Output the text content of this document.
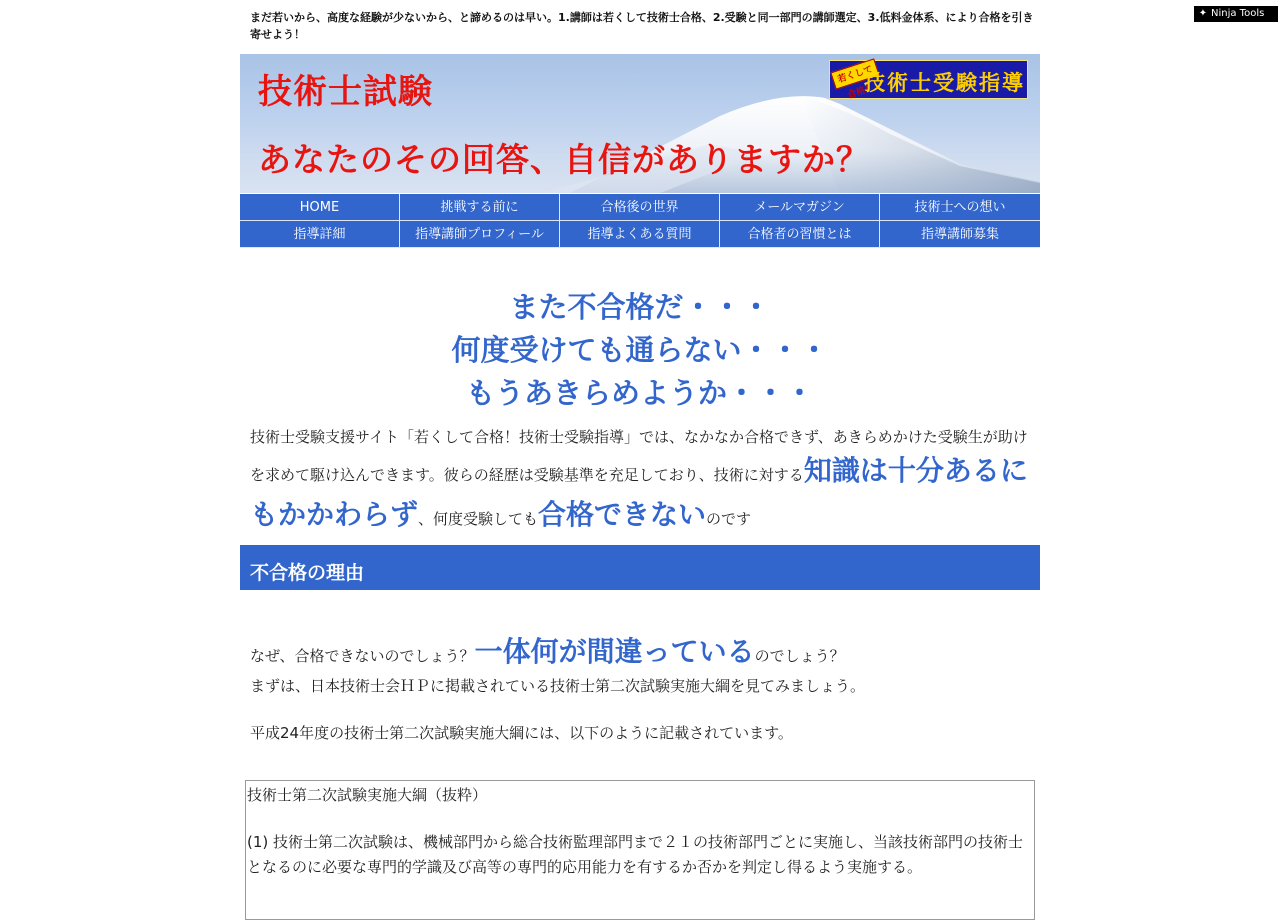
✦ Ninja Tools
まだ若いから、高度な経験が少ないから、と諦めるのは早い。1.講師は若くして技術士合格、2.受験と同一部門の講師選定、3.低料金体系、により合格を引き寄せよう！
技術士試験
あなたのその回答、自信がありますか？
若くして合格！
技術士受験指導
HOME	挑戦する前に	合格後の世界	メールマガジン	技術士への想い
指導詳細	指導講師プロフィール	指導よくある質問	合格者の習慣とは	指導講師募集
また不合格だ・・・
何度受けても通らない・・・
もうあきらめようか・・・
技術士受験支援サイト「若くして合格！技術士受験指導」では、なかなか合格できず、あきらめかけた受験生が助けを求めて駆け込んできます。彼らの経歴は受験基準を充足しており、技術に対する知識は十分あるにもかかわらず、何度受験しても合格できないのです
不合格の理由
なぜ、合格できないのでしょう？一体何が間違っているのでしょう？
まずは、日本技術士会ＨＰに掲載されている技術士第二次試験実施大綱を見てみましょう。
平成24年度の技術士第二次試験実施大綱には、以下のように記載されています。

技術士第二次試験実施大綱（抜粋）

(1) 技術士第二次試験は、機械部門から総合技術監理部門まで２１の技術部門ごとに実施し、当該技術部門の技術士となるのに必要な専門的学識及び高等の専門的応用能力を有するか否かを判定し得るよう実施する。
